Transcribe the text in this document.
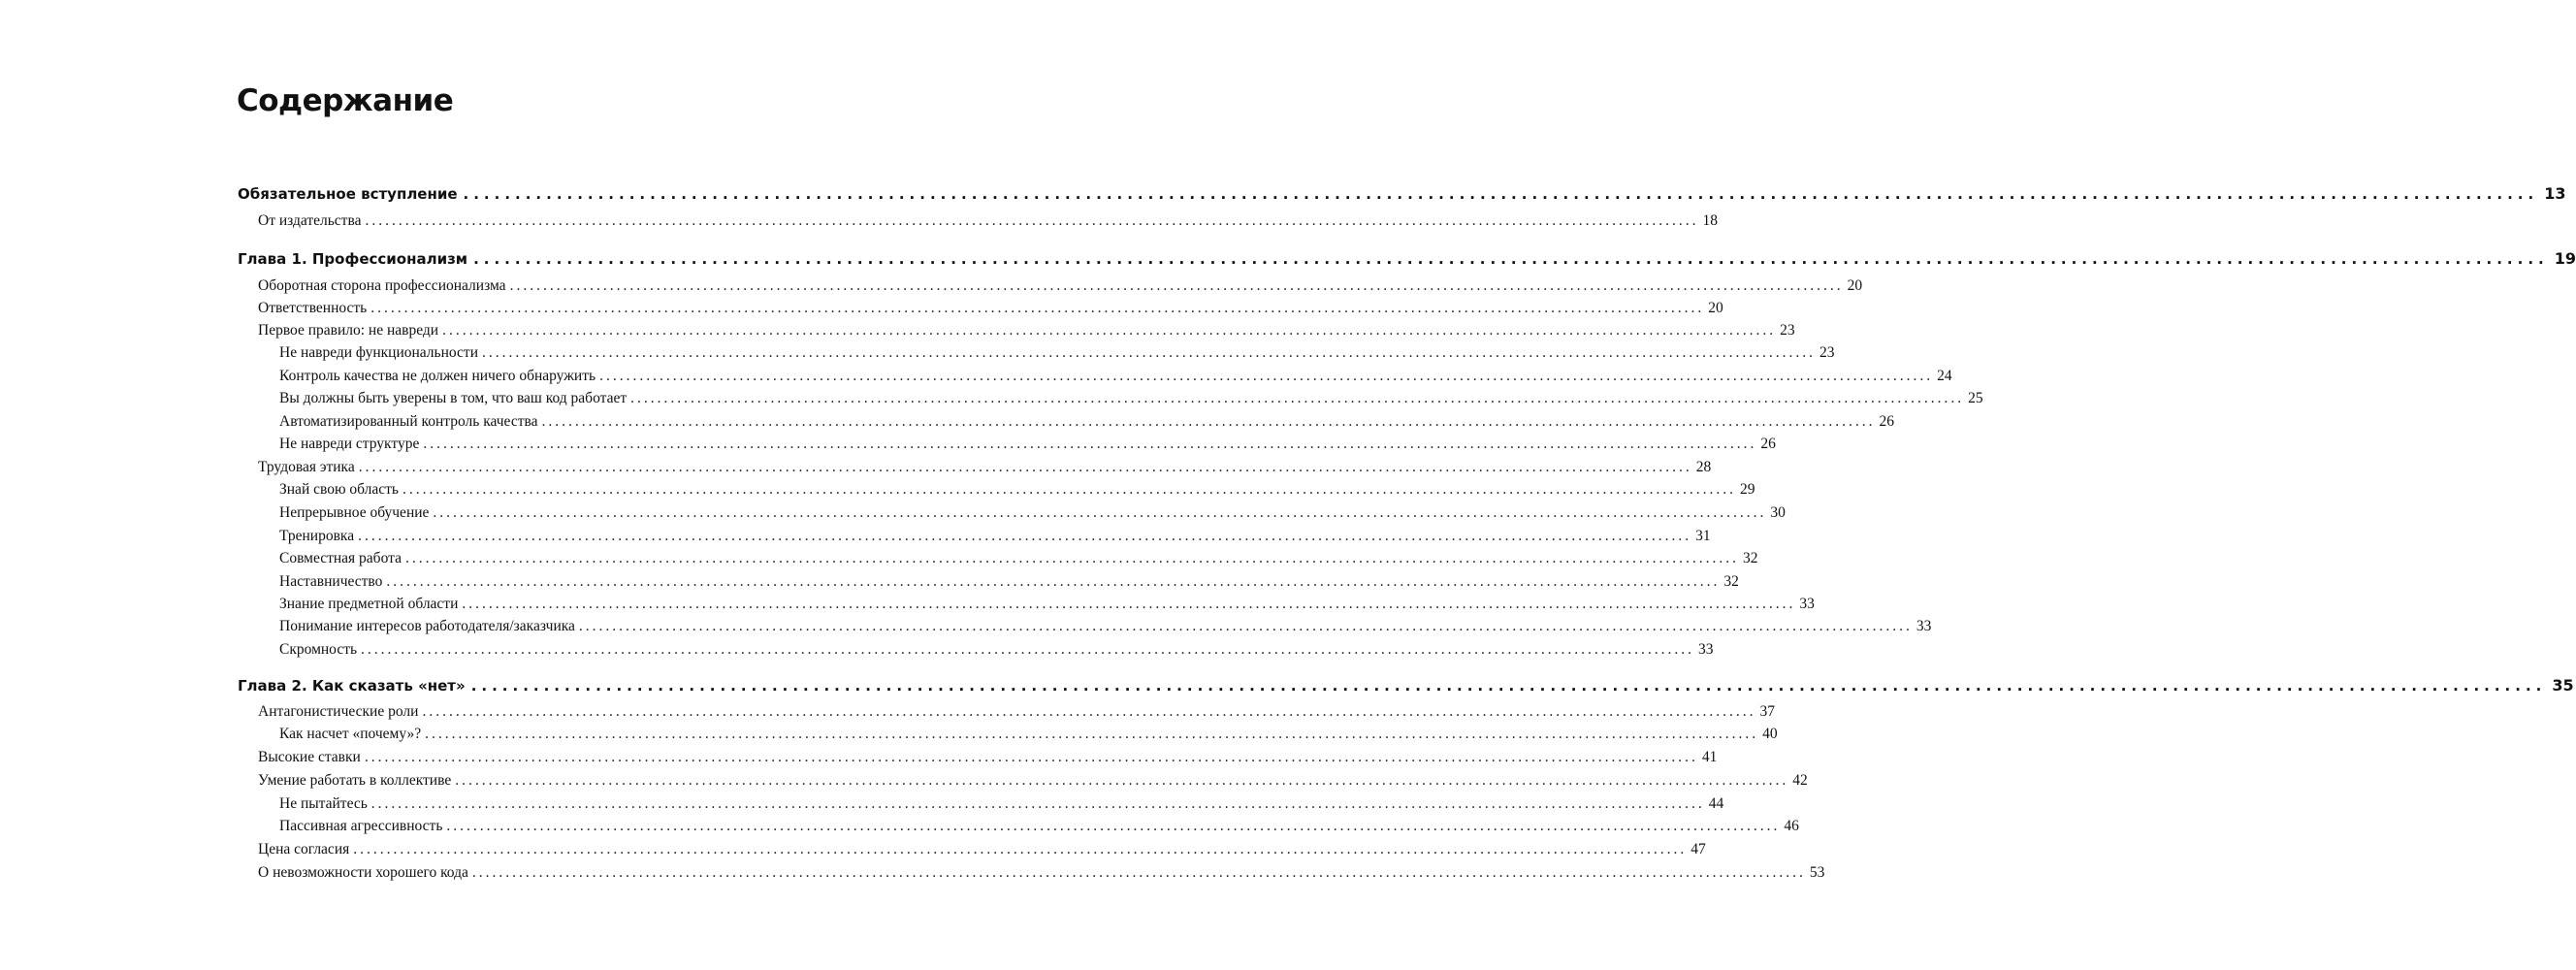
Содержание
Обязательное вступление ........................................................................................................................................................................................................ 13
От издательства ........................................................................................................................................................................................................ 18
Глава 1. Профессионализм ........................................................................................................................................................................................................ 19
Оборотная сторона профессионализма ........................................................................................................................................................................................................ 20
Ответственность ........................................................................................................................................................................................................ 20
Первое правило: не навреди ........................................................................................................................................................................................................ 23
Не навреди функциональности ........................................................................................................................................................................................................ 23
Контроль качества не должен ничего обнаружить ........................................................................................................................................................................................................ 24
Вы должны быть уверены в том, что ваш код работает ........................................................................................................................................................................................................ 25
Автоматизированный контроль качества ........................................................................................................................................................................................................ 26
Не навреди структуре ........................................................................................................................................................................................................ 26
Трудовая этика ........................................................................................................................................................................................................ 28
Знай свою область ........................................................................................................................................................................................................ 29
Непрерывное обучение ........................................................................................................................................................................................................ 30
Тренировка ........................................................................................................................................................................................................ 31
Совместная работа ........................................................................................................................................................................................................ 32
Наставничество ........................................................................................................................................................................................................ 32
Знание предметной области ........................................................................................................................................................................................................ 33
Понимание интересов работодателя/заказчика ........................................................................................................................................................................................................ 33
Скромность ........................................................................................................................................................................................................ 33
Глава 2. Как сказать «нет» ........................................................................................................................................................................................................ 35
Антагонистические роли ........................................................................................................................................................................................................ 37
Как насчет «почему»? ........................................................................................................................................................................................................ 40
Высокие ставки ........................................................................................................................................................................................................ 41
Умение работать в коллективе ........................................................................................................................................................................................................ 42
Не пытайтесь ........................................................................................................................................................................................................ 44
Пассивная агрессивность ........................................................................................................................................................................................................ 46
Цена согласия ........................................................................................................................................................................................................ 47
О невозможности хорошего кода ........................................................................................................................................................................................................ 53
